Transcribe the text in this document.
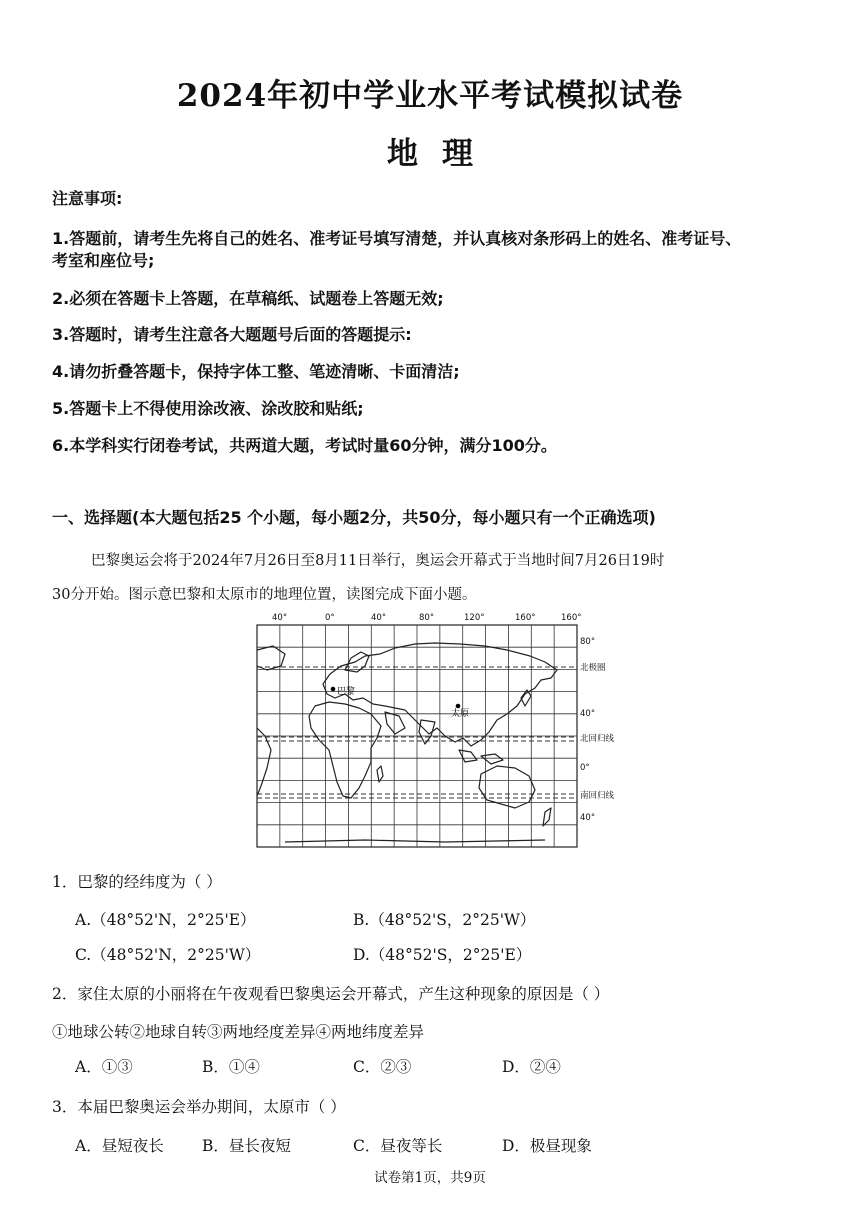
2024年初中学业水平考试模拟试卷
地理
注意事项:
1.答题前，请考生先将自己的姓名、准考证号填写清楚，并认真核对条形码上的姓名、准考证号、
考室和座位号;
2.必须在答题卡上答题，在草稿纸、试题卷上答题无效;
3.答题时，请考生注意各大题题号后面的答题提示:
4.请勿折叠答题卡，保持字体工整、笔迹清晰、卡面清洁;
5.答题卡上不得使用涂改液、涂改胶和贴纸;
6.本学科实行闭卷考试，共两道大题，考试时量60分钟，满分100分。
一、选择题(本大题包括25 个小题，每小题2分，共50分，每小题只有一个正确选项)
巴黎奥运会将于2024年7月26日至8月11日举行，奥运会开幕式于当地时间7月26日19时
30分开始。图示意巴黎和太原市的地理位置，读图完成下面小题。
巴黎
太原
40°	0°	40°	80°	120°	160°	160°
80°
北极圈
40°
北回归线
0°
南回归线
40°
1．巴黎的经纬度为（ ）
A.（48°52'N，2°25'E）	B.（48°52'S，2°25'W）
C.（48°52'N，2°25'W）	D.（48°52'S，2°25'E）
2．家住太原的小丽将在午夜观看巴黎奥运会开幕式，产生这种现象的原因是（ ）
①地球公转②地球自转③两地经度差异④两地纬度差异
A．①③	B．①④	C．②③	D．②④
3．本届巴黎奥运会举办期间，太原市（ ）
A．昼短夜长 B．昼长夜短	C．昼夜等长	D．极昼现象
试卷第1页，共9页
